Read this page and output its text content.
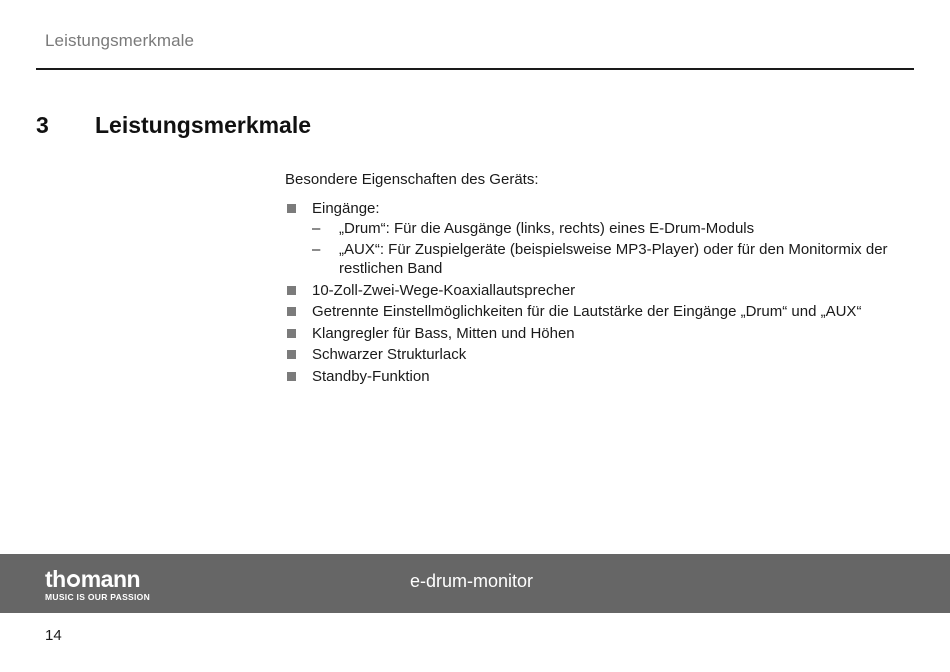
Leistungsmerkmale
3 Leistungsmerkmale

Besondere Eigenschaften des Geräts:

Eingänge:
– „Drum“: Für die Ausgänge (links, rechts) eines E-Drum-Moduls
– „AUX“: Für Zuspielgeräte (beispielsweise MP3-Player) oder für den Monitormix der restlichen Band
10-Zoll-Zwei-Wege-Koaxiallautsprecher
Getrennte Einstellmöglichkeiten für die Lautstärke der Eingänge „Drum“ und „AUX“
Klangregler für Bass, Mitten und Höhen
Schwarzer Strukturlack
Standby-Funktion
th mann
MUSIC IS OUR PASSION
e-drum-monitor
14
